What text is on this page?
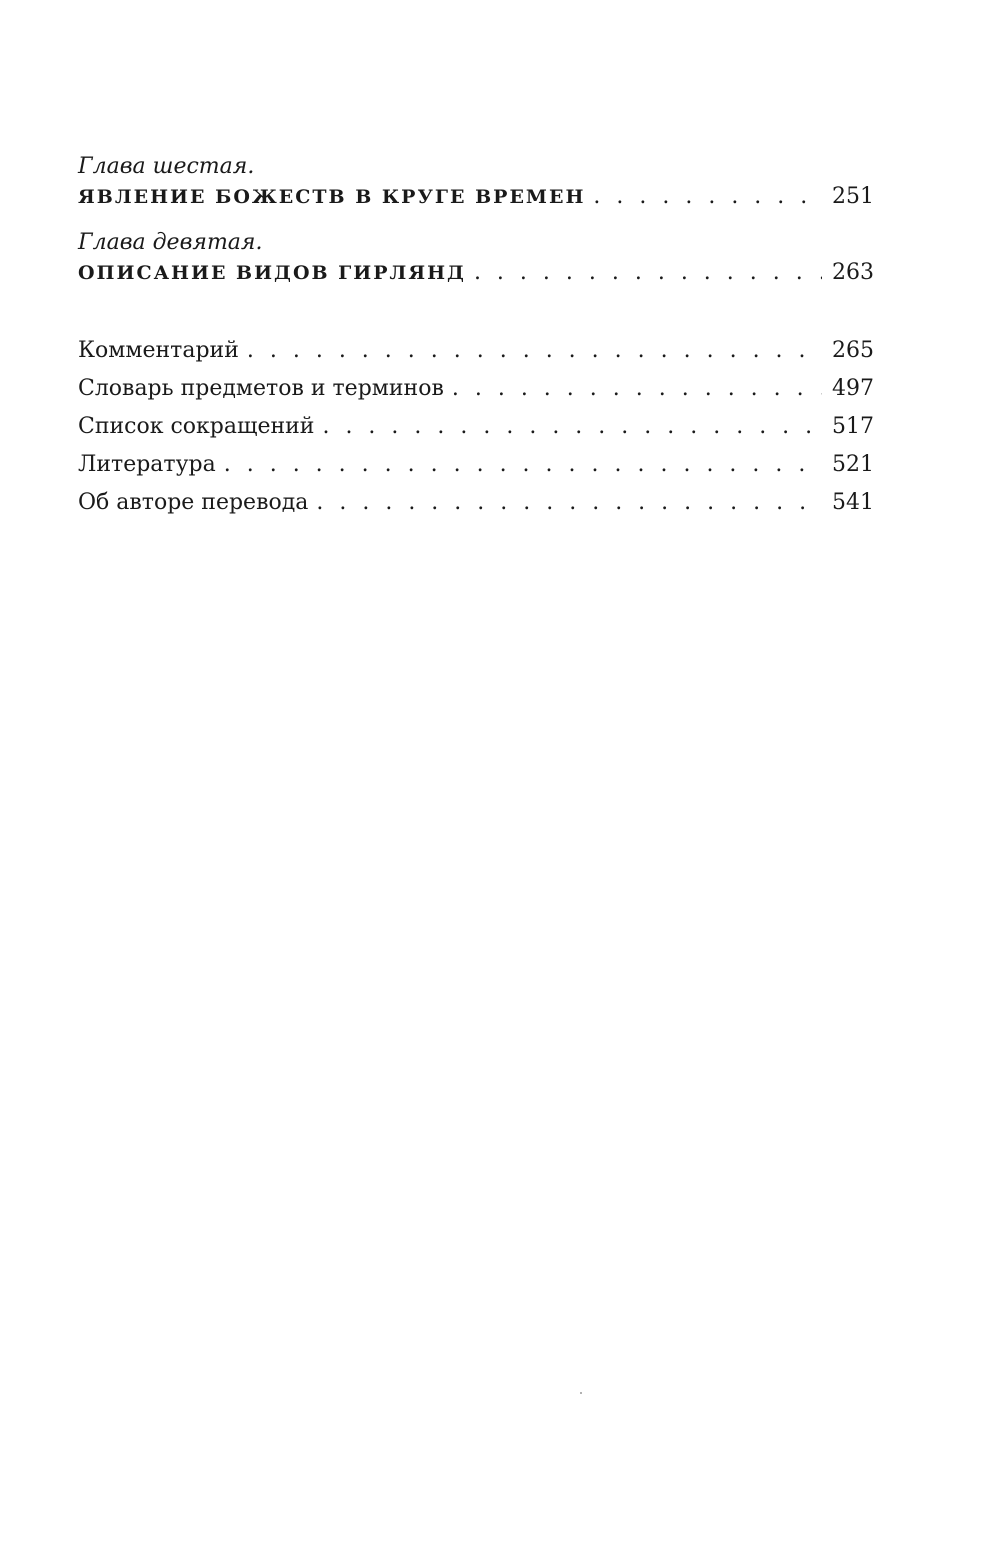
Глава шестая.
ЯВЛЕНИЕ БОЖЕСТВ В КРУГЕ ВРЕМЕН . . .	251
Глава девятая.
ОПИСАНИЕ ВИДОВ ГИРЛЯНД . . .	263
Комментарий . . .	265
Словарь предметов и терминов . . .	497
Список сокращений . . .	517
Литература . . .	521
Об авторе перевода . . .	541
